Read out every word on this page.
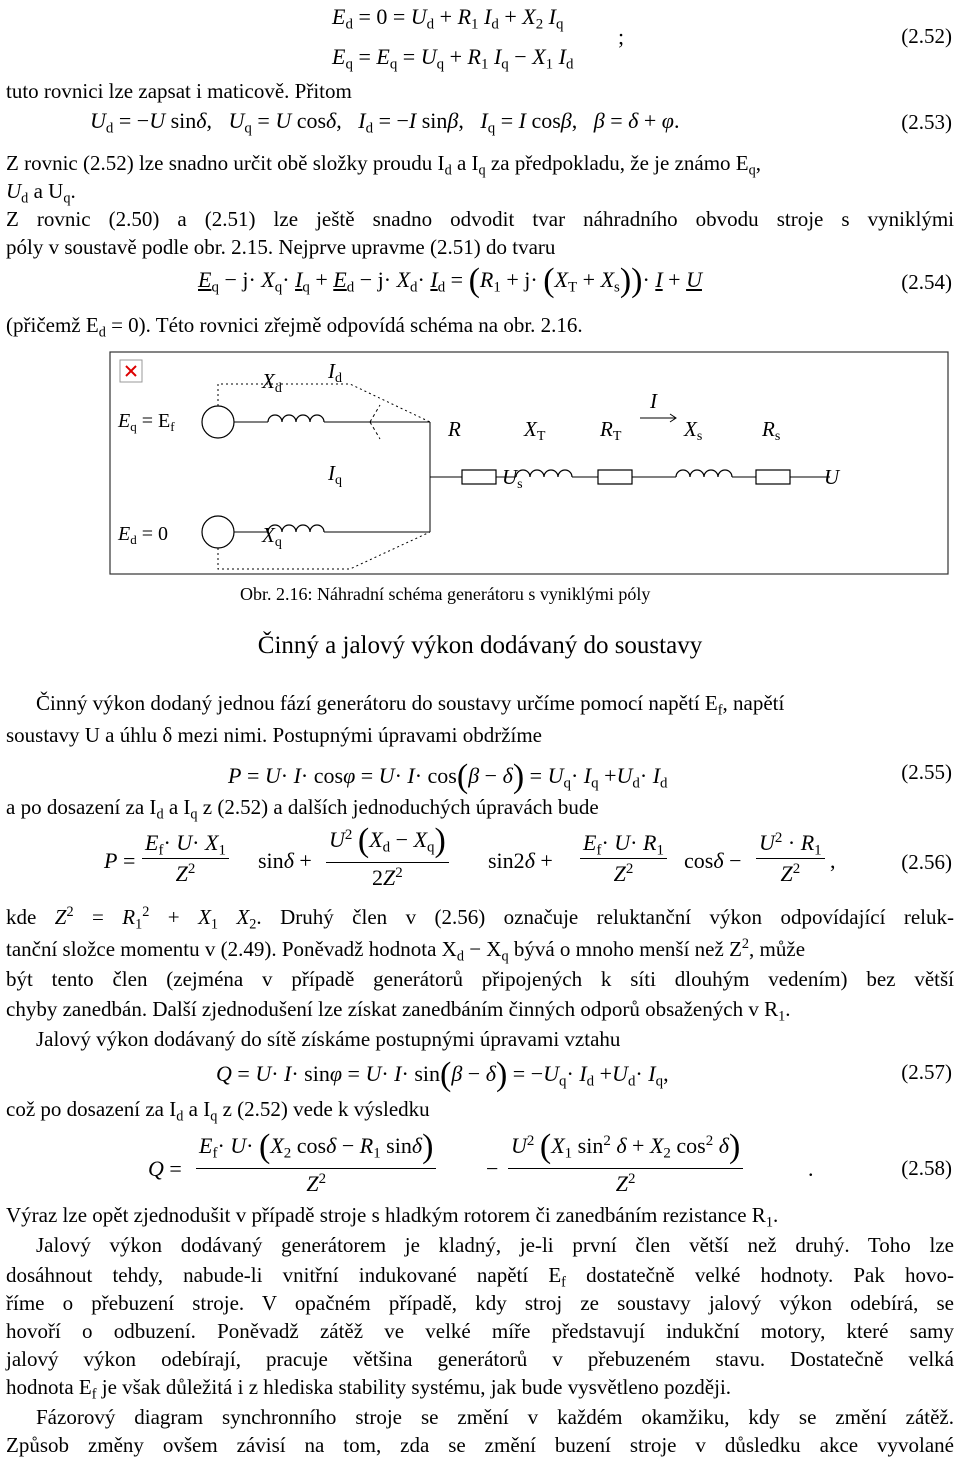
$E_d = 0 = U_d + R_1$ $I_d + X_2$ $I_q$ ;
$E_q = E_q = U_q + R_1$ $I_q - X_1$ $I_d$
(2.52)
tuto rovnici lze zapsat i maticově. Přitom
$U_d = -U$ sinδ,   $U_q = U$ cosδ,   $I_d = -I$ sinβ,   $I_q = I$ cosβ,   β = δ + φ.	(2.53)
Z rovnic (2.52) lze snadno určit obě složky proudu $I_d$ a $I_q$ za předpokladu, že je známo $E_q$,
$U_d$ a $U_q$.
Z rovnic (2.50) a (2.51) lze ještě snadno odvodit tvar náhradního obvodu stroje s vyniklými
póly v soustavě podle obr. 2.15. Nejprve upravme (2.51) do tvaru
$E_q - j\cdot X_q\cdot I_q + E_d - j\cdot X_d\cdot I_d = (R_1 + j\cdot (X_T + X_s))\cdot I + U$	(2.54)
(přičemž $E_d = 0$). Této rovnici zřejmě odpovídá schéma na obr. 2.16.
Xd
Id
$E_q = E_f$
I
R	XT	RT	Xs	Rs
Iq	Us	U
$E_d = 0$	Xq
Obr. 2.16: Náhradní schéma generátoru s vyniklými póly
Činný a jalový výkon dodávaný do soustavy
Činný výkon dodaný jednou fází generátoru do soustavy určíme pomocí napětí $E_f$, napětí
soustavy U a úhlu δ mezi nimi. Postupnými úpravami obdržíme
$P = U\cdot I\cdot \cos\varphi = U\cdot I\cdot \cos(\beta - \delta) = U_q\cdot I_q +U_d\cdot I_d$	(2.55)
a po dosazení za $I_d$ a $I_q$ z (2.52) a dalších jednoduchých úpravách bude
$P = \frac{E_f\cdot U\cdot X_1}{Z^2}$ $\sin\delta + \frac{U^2 (X_d - X_q)}{2Z^2} \sin 2\delta + \frac{E_f\cdot U\cdot R_1}{Z^2}$ $\cos\delta - \frac{U^2 \cdot R_1}{Z^2}$ ,	(2.56)
kde $Z^2 = R_1^2 + X_1$ $X_2$. Druhý člen v (2.56) označuje reluktanční výkon odpovídající reluk-
tanční složce momentu v (2.49). Poněvadž hodnota $X_d - X_q$ bývá o mnoho menší než $Z^2$, může
být tento člen (zejména v případě generátorů připojených k síti dlouhým vedením) bez větší
chyby zanedbán. Další zjednodušení lze získat zanedbáním činných odporů obsažených v $R_1$.
Jalový výkon dodávaný do sítě získáme postupnými úpravami vztahu
$Q = U\cdot I\cdot \sin\varphi = U\cdot I\cdot \sin(\beta - \delta) = -U_q\cdot I_d +U_d\cdot I_q$,	(2.57)
což po dosazení za $I_d$ a $I_q$ z (2.52) vede k výsledku
$Q = \frac{E_f\cdot U\cdot (X_2 \cos\delta - R_1 \sin\delta)}{Z^2} - \frac{U^2 (X_1 \sin^2 \delta + X_2 \cos^2 \delta)}{Z^2}$	.	(2.58)
Výraz lze opět zjednodušit v případě stroje s hladkým rotorem či zanedbáním rezistance $R_1$.
Jalový výkon dodávaný generátorem je kladný, je-li první člen větší než druhý. Toho lze
dosáhnout tehdy, nabude-li vnitřní indukované napětí $E_f$ dostatečně velké hodnoty. Pak hovo-
říme o přebuzení stroje. V opačném případě, kdy stroj ze soustavy jalový výkon odebírá, se
hovoří o odbuzení. Poněvadž zátěž ve velké míře představují indukční motory, které samy
jalový výkon odebírají, pracuje většina generátorů v přebuzeném stavu. Dostatečně velká
hodnota $E_f$ je však důležitá i z hlediska stability systému, jak bude vysvětleno později.
Fázorový diagram synchronního stroje se změní v každém okamžiku, kdy se změní zátěž.
Způsob změny ovšem závisí na tom, zda se změní buzení stroje v důsledku akce vyvolané
